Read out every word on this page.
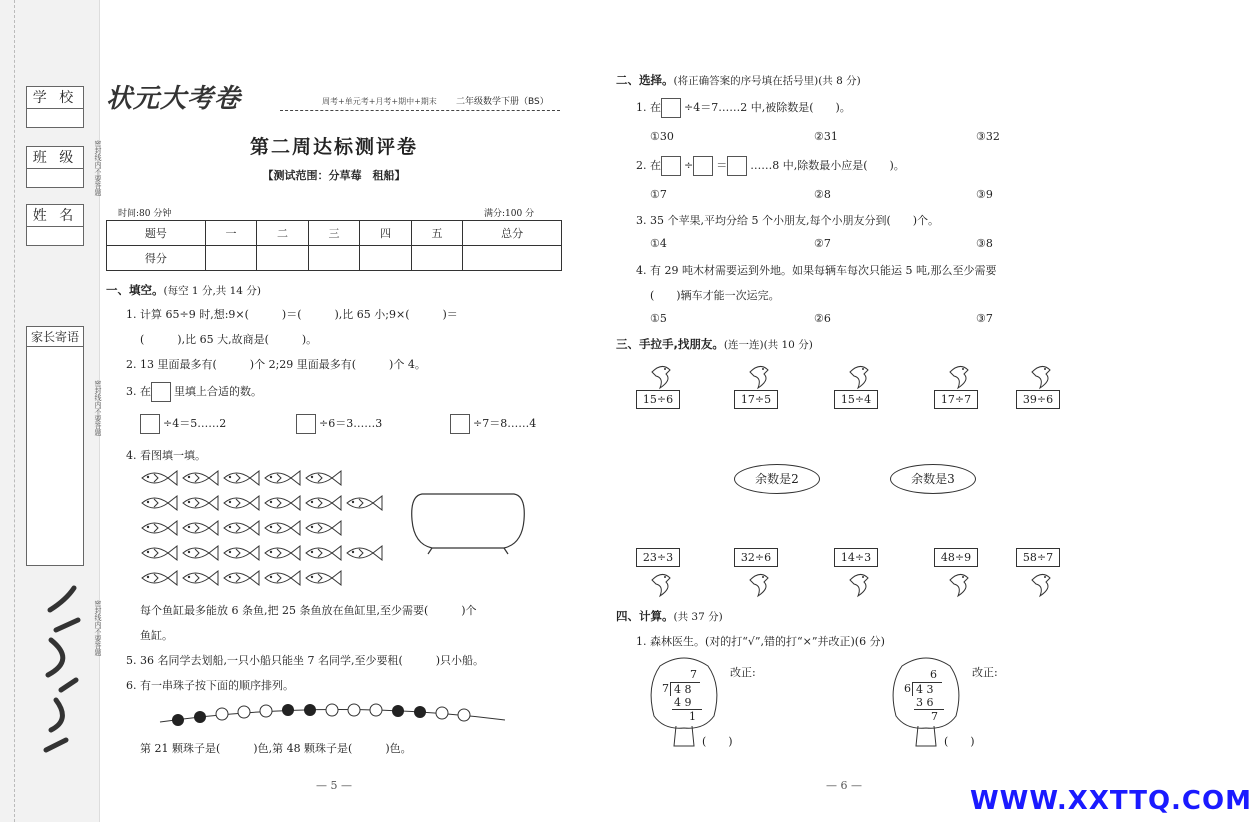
学 校
班 级
姓 名
家长寄语
密封线内不要答题
密封线内不要答题
密封线内不要答题
状元大考卷	周考+单元考+月考+期中+期末 二年级数学下册（BS）
第二周达标测评卷
【测试范围：分草莓　租船】
时间:80 分钟	满分:100 分
题号	一	二	三	四	五	总分
得分						
一、填空。(每空 1 分,共 14 分)
1. 计算 65÷9 时,想:9×(　　　)＝(　　　),比 65 小;9×(　　　)＝
(　　　),比 65 大,故商是(　　　)。
2. 13 里面最多有(　　　)个 2;29 里面最多有(　　　)个 4。
3. 在 里填上合适的数。
÷4＝5……2	÷6＝3……3	÷7＝8……4
4. 看图填一填。
每个鱼缸最多能放 6 条鱼,把 25 条鱼放在鱼缸里,至少需要(　　　)个
鱼缸。
5. 36 名同学去划船,一只小船只能坐 7 名同学,至少要租(　　　)只小船。
6. 有一串珠子按下面的顺序排列。
第 21 颗珠子是(　　　)色,第 48 颗珠子是(　　　)色。
— 5 —
二、选择。(将正确答案的序号填在括号里)(共 8 分)
1. 在 ÷4＝7……2 中,被除数是(　　)。
①30	②31	③32
2. 在 ÷ ＝ ……8 中,除数最小应是(　　)。
①7	②8	③9
3. 35 个苹果,平均分给 5 个小朋友,每个小朋友分到(　　)个。
①4	②7	③8
4. 有 29 吨木材需要运到外地。如果每辆车每次只能运 5 吨,那么至少需要
(　　)辆车才能一次运完。
①5	②6	③7
三、手拉手,找朋友。(连一连)(共 10 分)
15÷6	17÷5	15÷4	17÷7	39÷6
余数是2	余数是3
23÷3	32÷6	14÷3	48÷9	58÷7
四、计算。(共 37 分)
1. 森林医生。(对的打“√”,错的打“×”并改正)(6 分)
7
7 4 8
4 9
1
(　　)
改正:	6
6 4 3
3 6
7
(　　)
改正:
— 6 —
WWW.XXTTQ.COM
